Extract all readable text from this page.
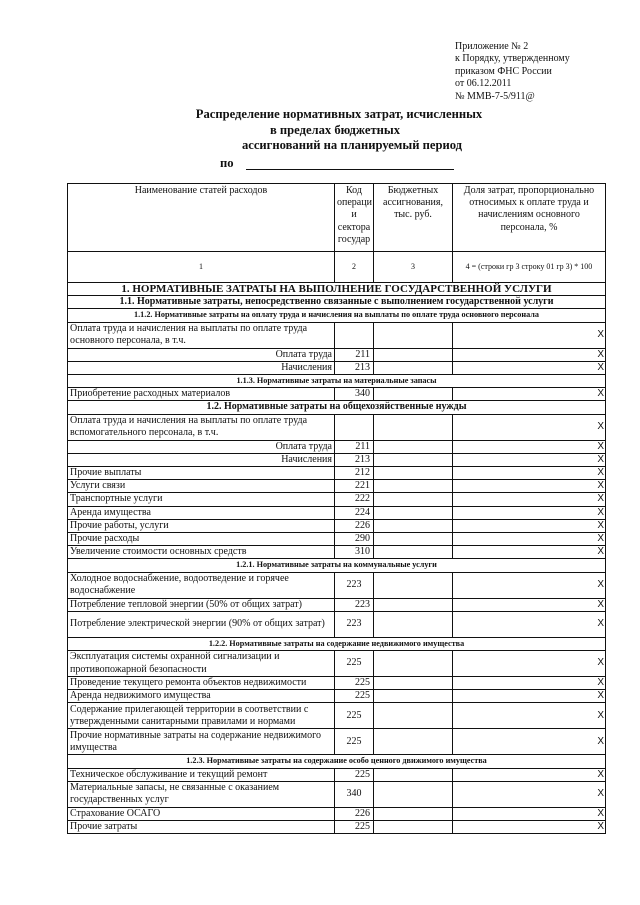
Приложение № 2
к Порядку, утвержденному
приказом ФНС России
от 06.12.2011
№ ММВ-7-5/911@
Распределение нормативных затрат, исчисленных
в пределах бюджетных
ассигнований на планируемый период
по
Наименование статей расходов	Код операци и сектора государ	Бюджетных ассигнования, тыс. руб.	Доля затрат, пропорционально относимых к оплате труда и начислениям основного персонала, %
1	2	3	4 = (строки гр 3 строку 01 гр 3) * 100
1. НОРМАТИВНЫЕ ЗАТРАТЫ НА ВЫПОЛНЕНИЕ ГОСУДАРСТВЕННОЙ УСЛУГИ			
1.1. Нормативные затраты, непосредственно связанные с выполнением государственной услуги			
1.1.2. Нормативные затраты на оплату труда и начисления на выплаты по оплате труда основного персонала			
Оплата труда и начисления на выплаты по оплате труда основного персонала, в т.ч.			X
Оплата труда	211		X
Начисления	213		X
1.1.3. Нормативные затраты на материальные запасы			
Приобретение расходных материалов	340		X
1.2. Нормативные затраты на общехозяйственные нужды			
Оплата труда и начисления на выплаты по оплате труда вспомогательного персонала, в т.ч.			X
Оплата труда	211		X
Начисления	213		X
Прочие выплаты	212		X
Услуги связи	221		X
Транспортные услуги	222		X
Аренда имущества	224		X
Прочие работы, услуги	226		X
Прочие расходы	290		X
Увеличение стоимости основных средств	310		X
1.2.1. Нормативные затраты на коммунальные услуги			
Холодное водоснабжение, водоотведение и горячее водоснабжение	223		X
Потребление тепловой энергии (50% от общих затрат)	223		X
Потребление электрической энергии (90% от общих затрат)	223		X
1.2.2. Нормативные затраты на содержание недвижимого имущества			
Эксплуатация системы охранной сигнализации и противопожарной безопасности	225		X
Проведение текущего ремонта объектов недвижимости	225		X
Аренда недвижимого имущества	225		X
Содержание прилегающей территории в соответствии с утвержденными санитарными правилами и нормами	225		X
Прочие нормативные затраты на содержание недвижимого имущества	225		X
1.2.3. Нормативные затраты на содержание особо ценного движимого имущества			
Техническое обслуживание и текущий ремонт	225		X
Материальные запасы, не связанные с оказанием государственных услуг	340		X
Страхование ОСАГО	226		X
Прочие затраты	225		X
